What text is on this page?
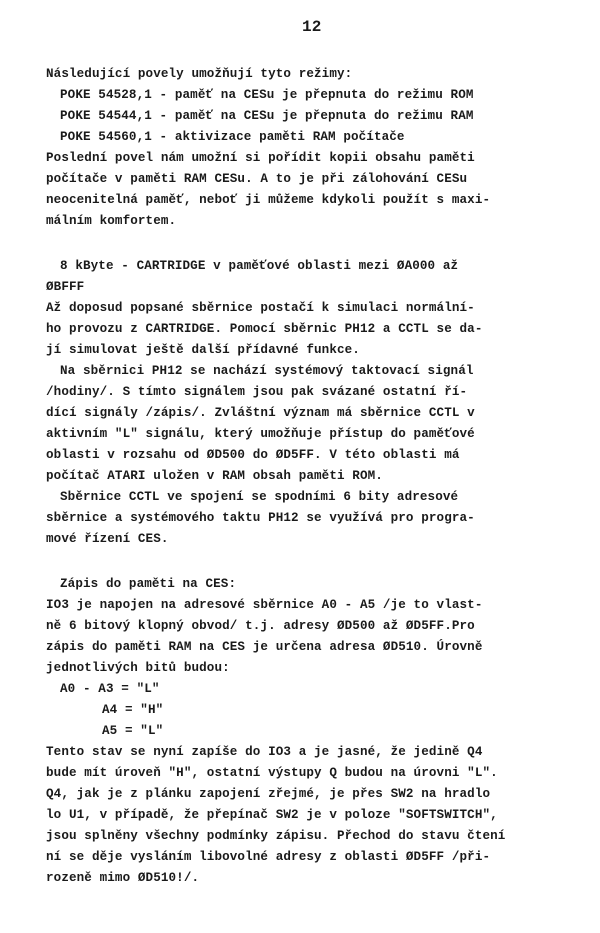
12
Následující povely umožňují tyto režimy:
POKE 54528,1 - paměť na CESu je přepnuta do režimu ROM
POKE 54544,1 - paměť na CESu je přepnuta do režimu RAM
POKE 54560,1 - aktivizace paměti RAM počítače
Poslední povel nám umožní si pořídit kopii obsahu paměti
počítače v paměti RAM CESu. A to je při zálohování CESu
neocenitelná paměť, neboť ji můžeme kdykoli použít s maxi-
málním komfortem.
8 kByte - CARTRIDGE v paměťové oblasti mezi ØA000 až
ØBFFF
Až doposud popsané sběrnice postačí k simulaci normální-
ho provozu z CARTRIDGE. Pomocí sběrnic PH12 a CCTL se da-
jí simulovat ještě další přídavné funkce.
Na sběrnici PH12 se nachází systémový taktovací signál
/hodiny/. S tímto signálem jsou pak svázané ostatní ří-
dící signály /zápis/. Zvláštní význam má sběrnice CCTL v
aktivním "L" signálu, který umožňuje přístup do paměťové
oblasti v rozsahu od ØD500 do ØD5FF. V této oblasti má
počítač ATARI uložen v RAM obsah paměti ROM.
Sběrnice CCTL ve spojení se spodními 6 bity adresové
sběrnice a systémového taktu PH12 se využívá pro progra-
mové řízení CES.
Zápis do paměti na CES:
IO3 je napojen na adresové sběrnice A0 - A5 /je to vlast-
ně 6 bitový klopný obvod/ t.j. adresy ØD500 až ØD5FF.Pro
zápis do paměti RAM na CES je určena adresa ØD510. Úrovně
jednotlivých bitů budou:
A0 - A3 = "L"
A4 = "H"
A5 = "L"
Tento stav se nyní zapíše do IO3 a je jasné, že jedině Q4
bude mít úroveň "H", ostatní výstupy Q budou na úrovni "L".
Q4, jak je z plánku zapojení zřejmé, je přes SW2 na hradlo
lo U1, v případě, že přepínač SW2 je v poloze "SOFTSWITCH",
jsou splněny všechny podmínky zápisu. Přechod do stavu čtení
ní se děje vysláním libovolné adresy z oblasti ØD5FF /při-
rozeně mimo ØD510!/.
